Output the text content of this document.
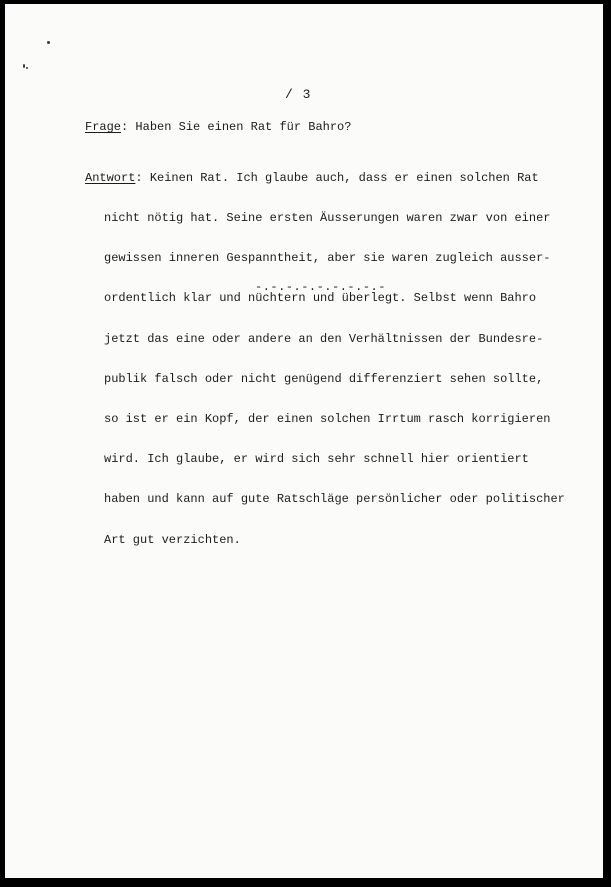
/ 3
Frage: Haben Sie einen Rat für Bahro?

Antwort: Keinen Rat. Ich glaube auch, dass er einen solchen Rat

nicht nötig hat. Seine ersten Äusserungen waren zwar von einer

gewissen inneren Gespanntheit, aber sie waren zugleich ausser-

ordentlich klar und nüchtern und überlegt. Selbst wenn Bahro

jetzt das eine oder andere an den Verhältnissen der Bundesre-

publik falsch oder nicht genügend differenziert sehen sollte,

so ist er ein Kopf, der einen solchen Irrtum rasch korrigieren

wird. Ich glaube, er wird sich sehr schnell hier orientiert

haben und kann auf gute Ratschläge persönlicher oder politischer

Art gut verzichten.

-.-.-.-.-.-.-.-.-
